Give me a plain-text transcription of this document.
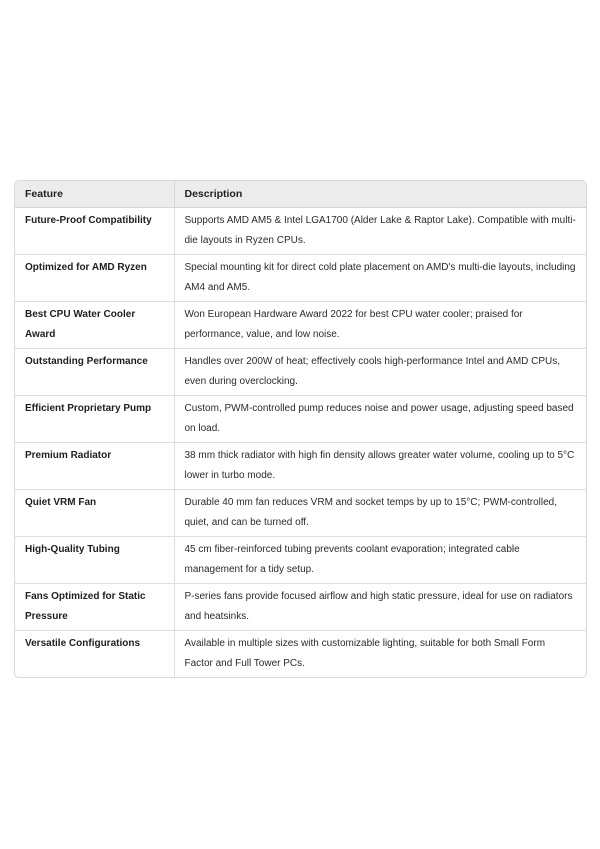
Feature	Description
Future-Proof Compatibility	Supports AMD AM5 & Intel LGA1700 (Alder Lake & Raptor Lake). Compatible with multi-die layouts in Ryzen CPUs.
Optimized for AMD Ryzen	Special mounting kit for direct cold plate placement on AMD's multi-die layouts, including AM4 and AM5.
Best CPU Water Cooler Award	Won European Hardware Award 2022 for best CPU water cooler; praised for performance, value, and low noise.
Outstanding Performance	Handles over 200W of heat; effectively cools high-performance Intel and AMD CPUs, even during overclocking.
Efficient Proprietary Pump	Custom, PWM-controlled pump reduces noise and power usage, adjusting speed based on load.
Premium Radiator	38 mm thick radiator with high fin density allows greater water volume, cooling up to 5°C lower in turbo mode.
Quiet VRM Fan	Durable 40 mm fan reduces VRM and socket temps by up to 15°C; PWM-controlled, quiet, and can be turned off.
High-Quality Tubing	45 cm fiber-reinforced tubing prevents coolant evaporation; integrated cable management for a tidy setup.
Fans Optimized for Static Pressure	P-series fans provide focused airflow and high static pressure, ideal for use on radiators and heatsinks.
Versatile Configurations	Available in multiple sizes with customizable lighting, suitable for both Small Form Factor and Full Tower PCs.
